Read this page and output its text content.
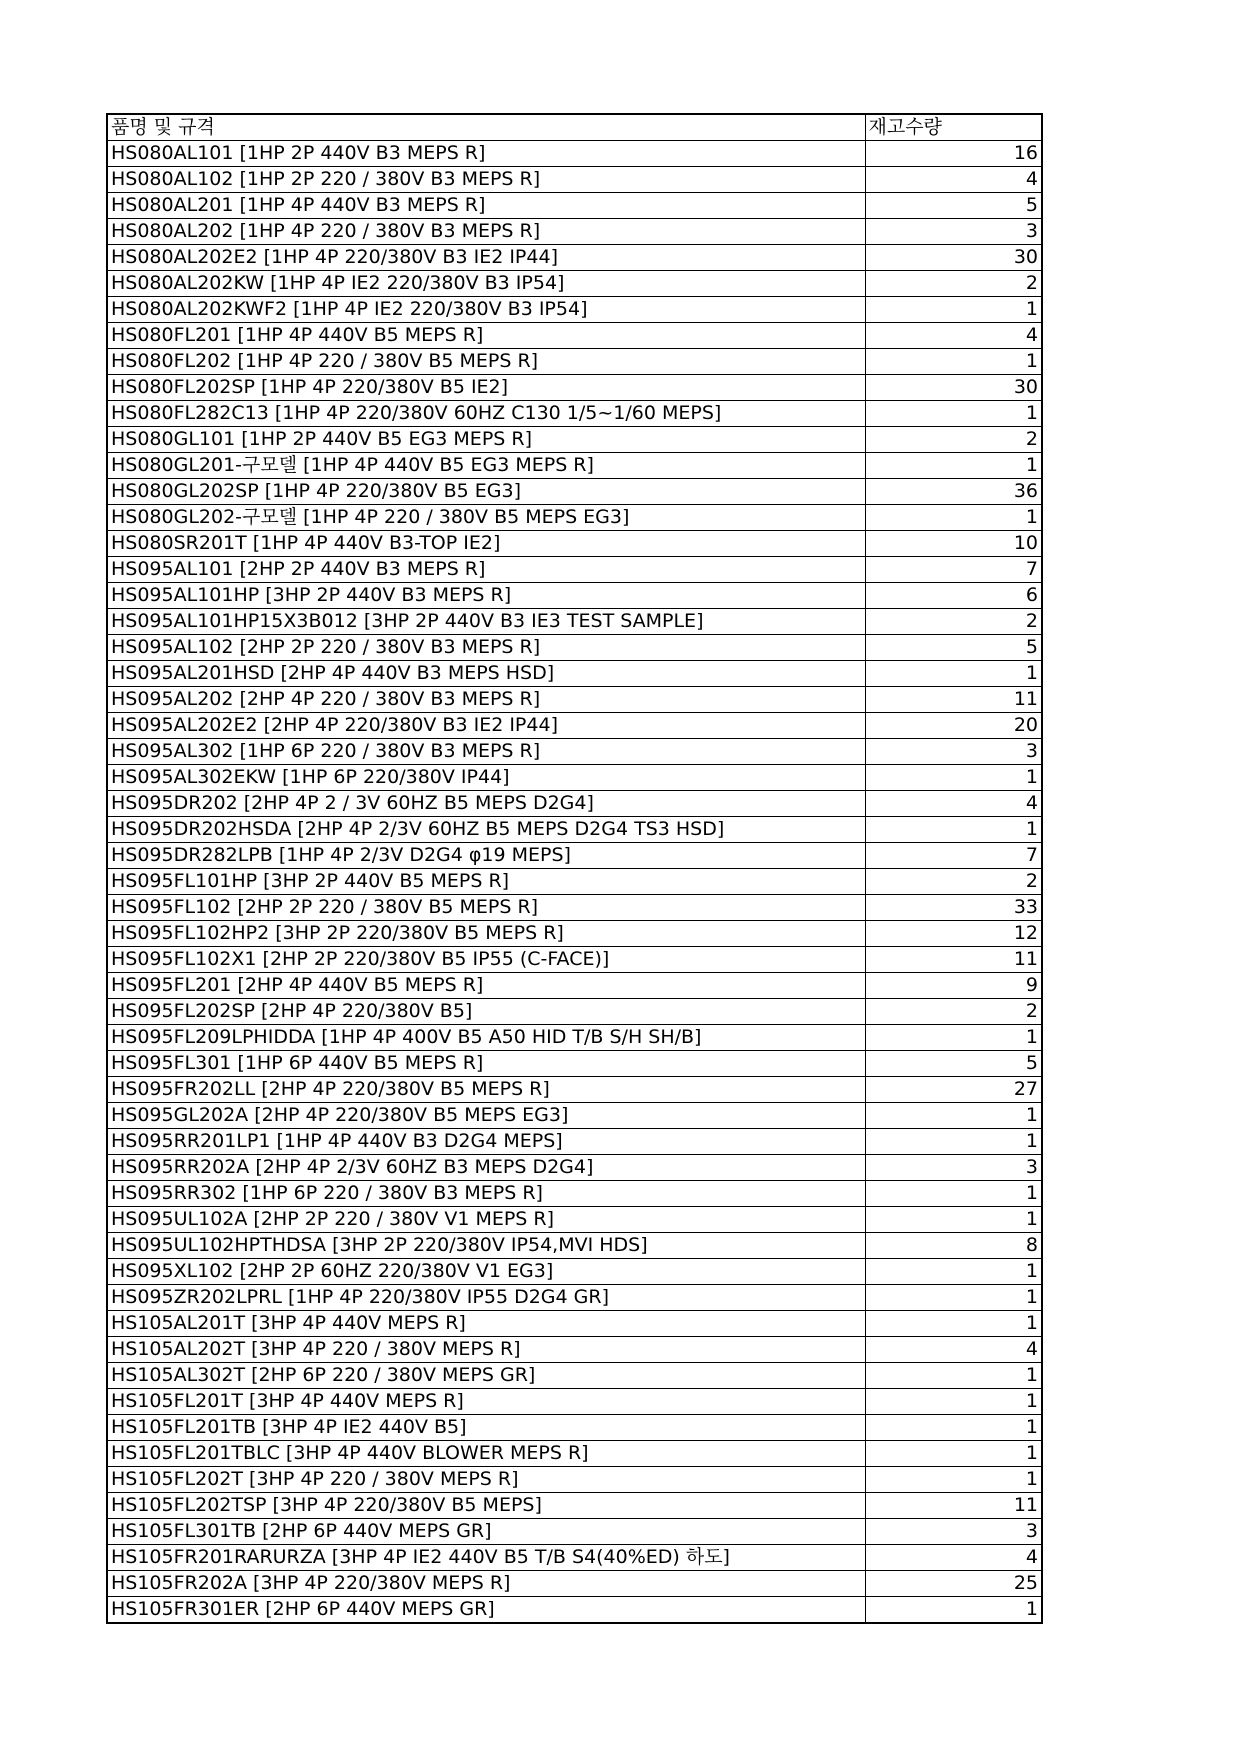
품명 및 규격	재고수량
HS080AL101 [1HP 2P 440V B3 MEPS R]	16
HS080AL102 [1HP 2P 220 / 380V B3 MEPS R]	4
HS080AL201 [1HP 4P 440V B3 MEPS R]	5
HS080AL202 [1HP 4P 220 / 380V B3 MEPS R]	3
HS080AL202E2 [1HP 4P 220/380V B3 IE2 IP44]	30
HS080AL202KW [1HP 4P IE2 220/380V B3 IP54]	2
HS080AL202KWF2 [1HP 4P IE2 220/380V B3 IP54]	1
HS080FL201 [1HP 4P 440V B5 MEPS R]	4
HS080FL202 [1HP 4P 220 / 380V B5 MEPS R]	1
HS080FL202SP [1HP 4P 220/380V B5 IE2]	30
HS080FL282C13 [1HP 4P 220/380V 60HZ C130 1/5~1/60 MEPS]	1
HS080GL101 [1HP 2P 440V B5 EG3 MEPS R]	2
HS080GL201-구모델 [1HP 4P 440V B5 EG3 MEPS R]	1
HS080GL202SP [1HP 4P 220/380V B5 EG3]	36
HS080GL202-구모델 [1HP 4P 220 / 380V B5 MEPS EG3]	1
HS080SR201T [1HP 4P 440V B3-TOP IE2]	10
HS095AL101 [2HP 2P 440V B3 MEPS R]	7
HS095AL101HP [3HP 2P 440V B3 MEPS R]	6
HS095AL101HP15X3B012 [3HP 2P 440V B3 IE3 TEST SAMPLE]	2
HS095AL102 [2HP 2P 220 / 380V B3 MEPS R]	5
HS095AL201HSD [2HP 4P 440V B3 MEPS HSD]	1
HS095AL202 [2HP 4P 220 / 380V B3 MEPS R]	11
HS095AL202E2 [2HP 4P 220/380V B3 IE2 IP44]	20
HS095AL302 [1HP 6P 220 / 380V B3 MEPS R]	3
HS095AL302EKW [1HP 6P 220/380V IP44]	1
HS095DR202 [2HP 4P 2 / 3V 60HZ B5 MEPS D2G4]	4
HS095DR202HSDA [2HP 4P 2/3V 60HZ B5 MEPS D2G4 TS3 HSD]	1
HS095DR282LPB [1HP 4P 2/3V D2G4 φ19 MEPS]	7
HS095FL101HP [3HP 2P 440V B5 MEPS R]	2
HS095FL102 [2HP 2P 220 / 380V B5 MEPS R]	33
HS095FL102HP2 [3HP 2P 220/380V B5 MEPS R]	12
HS095FL102X1 [2HP 2P 220/380V B5 IP55 (C-FACE)]	11
HS095FL201 [2HP 4P 440V B5 MEPS R]	9
HS095FL202SP [2HP 4P 220/380V B5]	2
HS095FL209LPHIDDA [1HP 4P 400V B5 A50 HID T/B S/H SH/B]	1
HS095FL301 [1HP 6P 440V B5 MEPS R]	5
HS095FR202LL [2HP 4P 220/380V B5 MEPS R]	27
HS095GL202A [2HP 4P 220/380V B5 MEPS EG3]	1
HS095RR201LP1 [1HP 4P 440V B3 D2G4 MEPS]	1
HS095RR202A [2HP 4P 2/3V 60HZ B3 MEPS D2G4]	3
HS095RR302 [1HP 6P 220 / 380V B3 MEPS R]	1
HS095UL102A [2HP 2P 220 / 380V V1 MEPS R]	1
HS095UL102HPTHDSA [3HP 2P 220/380V IP54,MVI HDS]	8
HS095XL102 [2HP 2P 60HZ 220/380V V1 EG3]	1
HS095ZR202LPRL [1HP 4P 220/380V IP55 D2G4 GR]	1
HS105AL201T [3HP 4P 440V MEPS R]	1
HS105AL202T [3HP 4P 220 / 380V MEPS R]	4
HS105AL302T [2HP 6P 220 / 380V MEPS GR]	1
HS105FL201T [3HP 4P 440V MEPS R]	1
HS105FL201TB [3HP 4P IE2 440V B5]	1
HS105FL201TBLC [3HP 4P 440V BLOWER MEPS R]	1
HS105FL202T [3HP 4P 220 / 380V MEPS R]	1
HS105FL202TSP [3HP 4P 220/380V B5 MEPS]	11
HS105FL301TB [2HP 6P 440V MEPS GR]	3
HS105FR201RARURZA [3HP 4P IE2 440V B5 T/B S4(40%ED) 하도]	4
HS105FR202A [3HP 4P 220/380V MEPS R]	25
HS105FR301ER [2HP 6P 440V MEPS GR]	1
